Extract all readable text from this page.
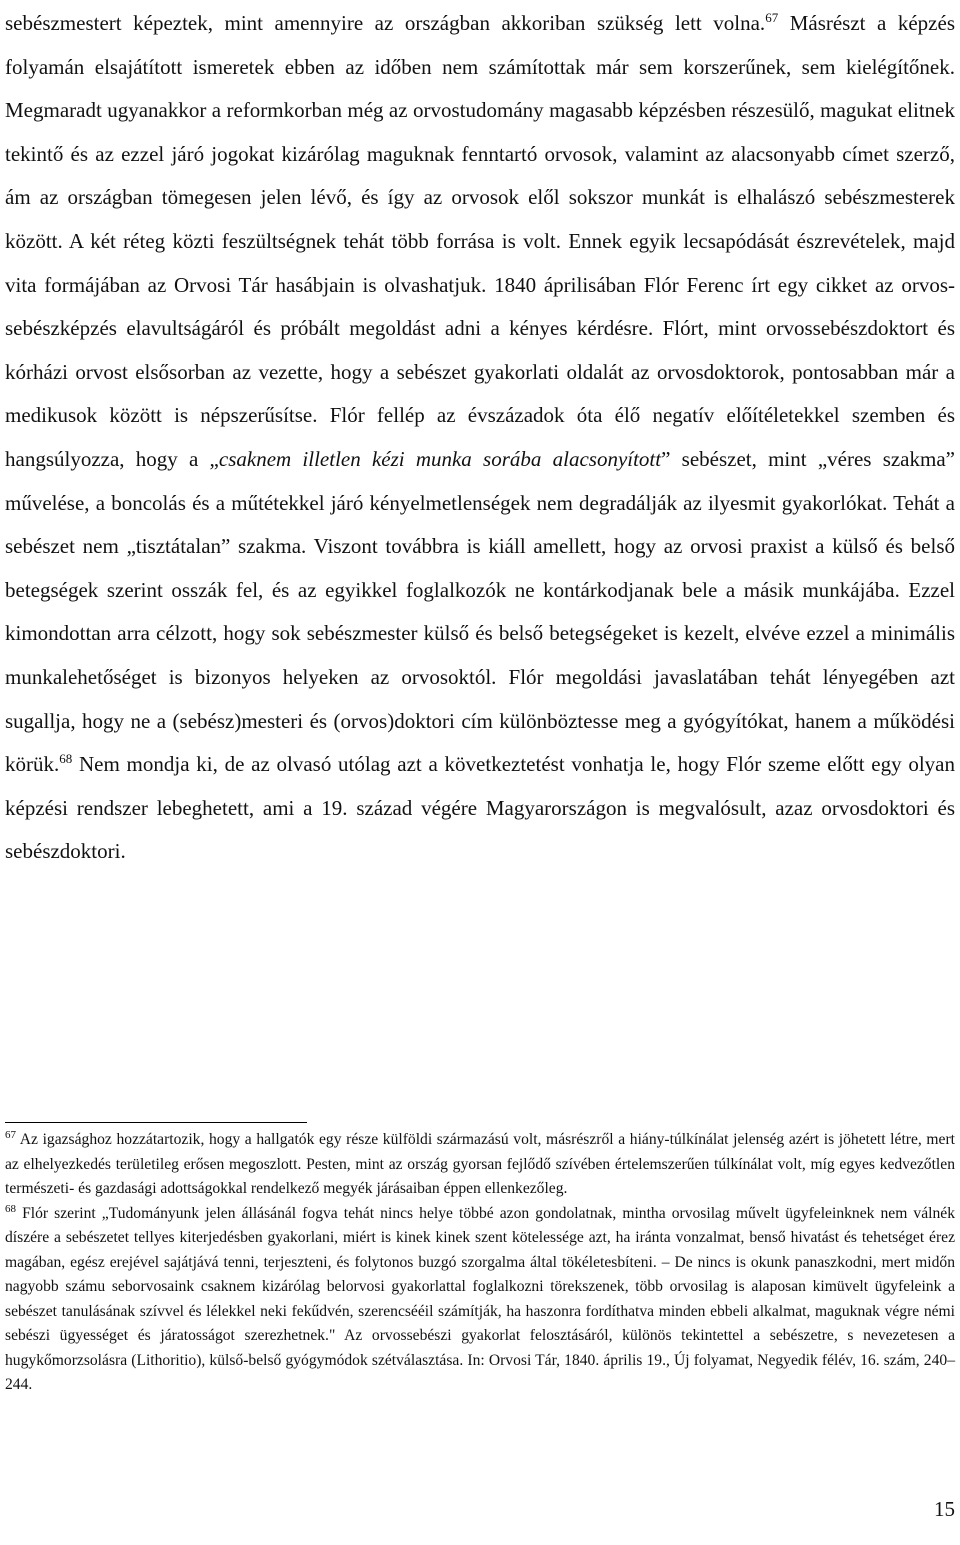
sebészmestert képeztek, mint amennyire az országban akkoriban szükség lett volna.$^{67}$ Másrészt a képzés folyamán elsajátított ismeretek ebben az időben nem számítottak már sem korszerűnek, sem kielégítőnek. Megmaradt ugyanakkor a reformkorban még az orvostudomány magasabb képzésben részesülő, magukat elitnek tekintő és az ezzel járó jogokat kizárólag maguknak fenntartó orvosok, valamint az alacsonyabb címet szerző, ám az országban tömegesen jelen lévő, és így az orvosok elől sokszor munkát is elhalászó sebészmesterek között. A két réteg közti feszültségnek tehát több forrása is volt. Ennek egyik lecsapódását észrevételek, majd vita formájában az Orvosi Tár hasábjain is olvashatjuk. 1840 áprilisában Flór Ferenc írt egy cikket az orvos-sebészképzés elavultságáról és próbált megoldást adni a kényes kérdésre. Flórt, mint orvossebészdoktort és kórházi orvost elsősorban az vezette, hogy a sebészet gyakorlati oldalát az orvosdoktorok, pontosabban már a medikusok között is népszerűsítse. Flór fellép az évszázadok óta élő negatív előítéletekkel szemben és hangsúlyozza, hogy a „csaknem illetlen kézi munka sorába alacsonyított” sebészet, mint „véres szakma” művelése, a boncolás és a műtétekkel járó kényelmetlenségek nem degradálják az ilyesmit gyakorlókat. Tehát a sebészet nem „tisztátalan” szakma. Viszont továbbra is kiáll amellett, hogy az orvosi praxist a külső és belső betegségek szerint osszák fel, és az egyikkel foglalkozók ne kontárkodjanak bele a másik munkájába. Ezzel kimondottan arra célzott, hogy sok sebészmester külső és belső betegségeket is kezelt, elvéve ezzel a minimális munkalehetőséget is bizonyos helyeken az orvosoktól. Flór megoldási javaslatában tehát lényegében azt sugallja, hogy ne a (sebész)mesteri és (orvos)doktori cím különböztesse meg a gyógyítókat, hanem a működési körük.$^{68}$ Nem mondja ki, de az olvasó utólag azt a következtetést vonhatja le, hogy Flór szeme előtt egy olyan képzési rendszer lebeghetett, ami a 19. század végére Magyarországon is megvalósult, azaz orvosdoktori és sebészdoktori.

$^{67}$ Az igazsághoz hozzátartozik, hogy a hallgatók egy része külföldi származású volt, másrészről a hiány-túlkínálat jelenség azért is jöhetett létre, mert az elhelyezkedés területileg erősen megoszlott. Pesten, mint az ország gyorsan fejlődő szívében értelemszerűen túlkínálat volt, míg egyes kedvezőtlen természeti- és gazdasági adottságokkal rendelkező megyék járásaiban éppen ellenkezőleg.

$^{68}$ Flór szerint „Tudományunk jelen állásánál fogva tehát nincs helye többé azon gondolatnak, mintha orvosilag művelt ügyfeleinknek nem válnék díszére a sebészetet tellyes kiterjedésben gyakorlani, miért is kinek kinek szent kötelessége azt, ha iránta vonzalmat, benső hivatást és tehetséget érez magában, egész erejével sajátjává tenni, terjeszteni, és folytonos buzgó szorgalma által tökéletesbíteni. – De nincs is okunk panaszkodni, mert midőn nagyobb számu seborvosaink csaknem kizárólag belorvosi gyakorlattal foglalkozni törekszenek, több orvosilag is alaposan kimüvelt ügyfeleink a sebészet tanulásának szívvel és lélekkel neki fekűdvén, szerencsééil számítják, ha haszonra fordíthatva minden ebbeli alkalmat, maguknak végre némi sebészi ügyességet és járatosságot szerezhetnek." Az orvossebészi gyakorlat felosztásáról, különös tekintettel a sebészetre, s nevezetesen a hugykőmorzsolásra (Lithoritio), külső-belső gyógymódok szétválasztása. In: Orvosi Tár, 1840. április 19., Új folyamat, Negyedik félév, 16. szám, 240–244.

15
